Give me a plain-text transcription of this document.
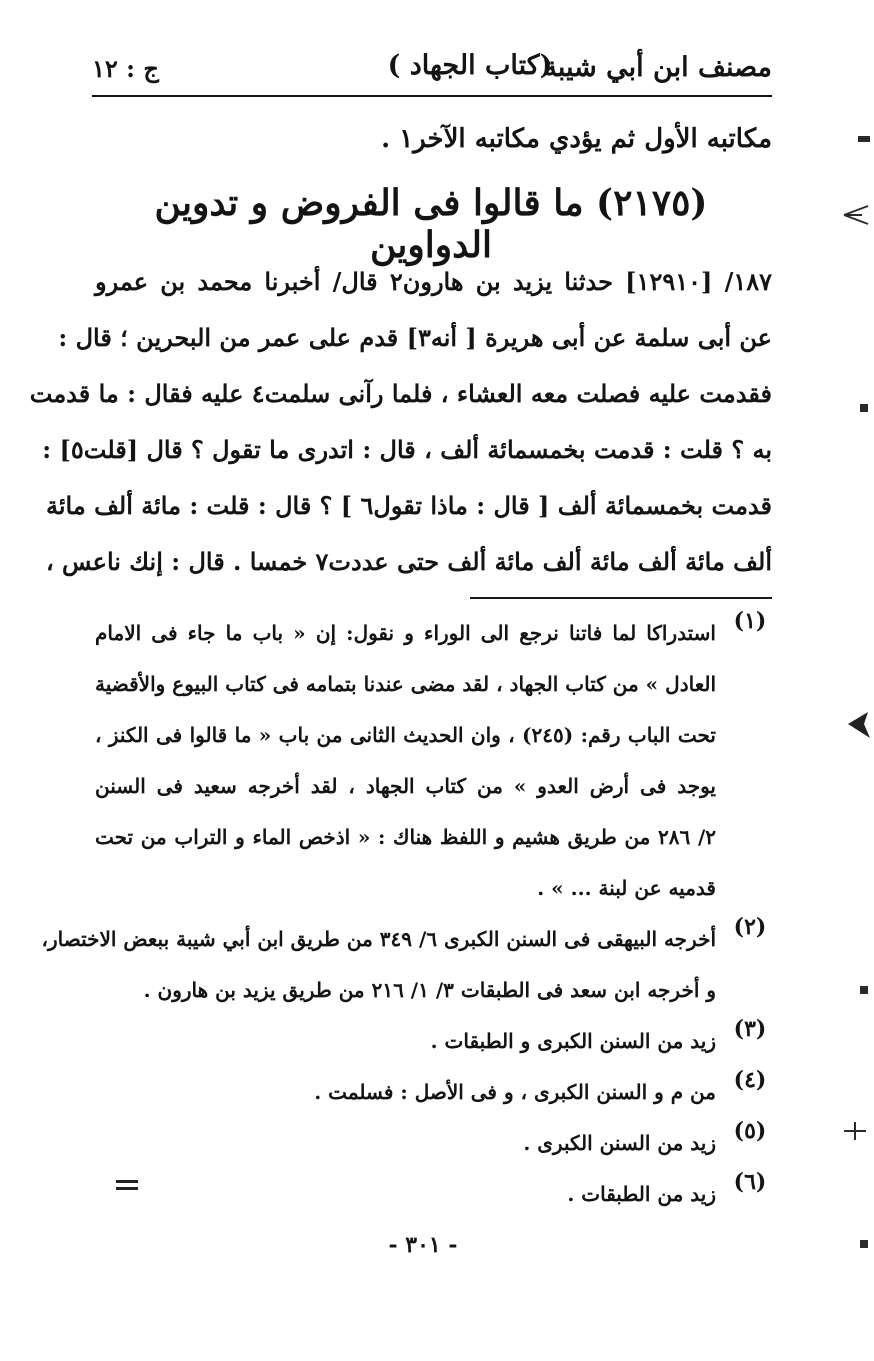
ج : ١٢	(كتاب الجهاد )
مصنف ابن أبي شيبة
مكاتبه الأول ثم يؤدي مكاتبه الآخر١ .
(٢١٧٥) ما قالوا فى الفروض و تدوين الدواوين
١٨٧/ [١٢٩١٠] حدثنا يزيد بن هارون٢ قال/ أخبرنا محمد بن عمرو
عن أبى سلمة عن أبى هريرة [ أنه٣] قدم على عمر من البحرين ؛ قال :
فقدمت عليه فصلت معه العشاء ، فلما رآنى سلمت٤ عليه فقال : ما قدمت
به ؟ قلت : قدمت بخمسمائة ألف ، قال : اتدرى ما تقول ؟ قال [قلت٥] :
قدمت بخمسمائة ألف [ قال : ماذا تقول٦ ] ؟ قال : قلت : مائة ألف مائة
ألف مائة ألف مائة ألف مائة ألف حتى عددت٧ خمسا . قال : إنك ناعس ،
(١)
استدراكا لما فاتنا نرجع الى الوراء و نقول: إن « باب ما جاء فى الامام
العادل » من كتاب الجهاد ، لقد مضى عندنا بتمامه فى كتاب البيوع والأقضية
تحت الباب رقم: (٢٤٥) ، وان الحديث الثانى من باب « ما قالوا فى الكنز ،
يوجد فى أرض العدو » من كتاب الجهاد ، لقد أخرجه سعيد فى السنن
٢/ ٢٨٦ من طريق هشيم و اللفظ هناك : « اذخص الماء و التراب من تحت
قدميه عن لبنة ... » .
(٢)
أخرجه البيهقى فى السنن الكبرى ٦/ ٣٤٩ من طريق ابن أبي شيبة ببعض الاختصار،
و أخرجه ابن سعد فى الطبقات ٣/ ١/ ٢١٦ من طريق يزيد بن هارون .
(٣)
زيد من السنن الكبرى و الطبقات .
(٤)
من م و السنن الكبرى ، و فى الأصل : فسلمت .
(٥)
زيد من السنن الكبرى .
(٦)
زيد من الطبقات .
- ٣٠١ -
